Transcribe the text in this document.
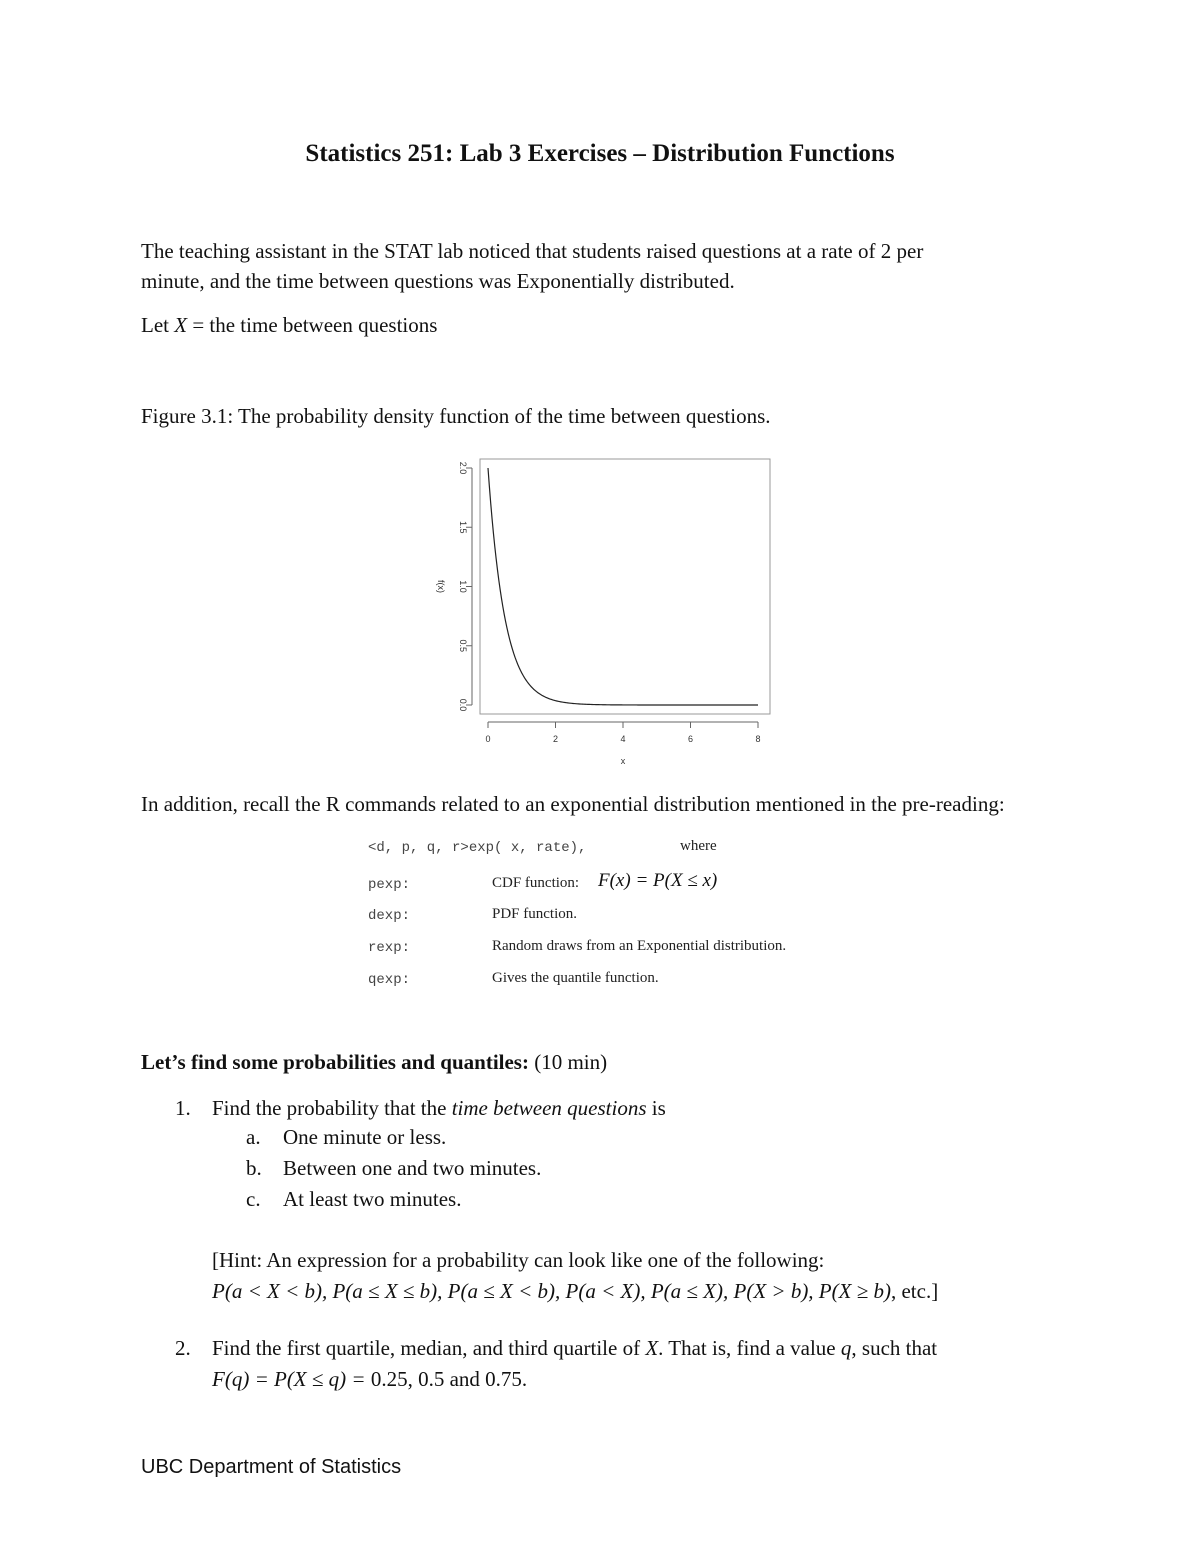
Statistics 251: Lab 3 Exercises – Distribution Functions
The teaching assistant in the STAT lab noticed that students raised questions at a rate of 2 per
minute, and the time between questions was Exponentially distributed.
Let X = the time between questions
Figure 3.1: The probability density function of the time between questions.
0	2	4	6	8
x
0.0
0.5
1.0
1.5
2.0
f(x)
In addition, recall the R commands related to an exponential distribution mentioned in the pre-reading:
<d, p, q, r>exp( x, rate),	where
pexp:	CDF function: F(x) = P(X ≤ x)
dexp:	PDF function.
rexp:	Random draws from an Exponential distribution.
qexp:	Gives the quantile function.
Let’s find some probabilities and quantiles: (10 min)
1. Find the probability that the time between questions is
a. One minute or less.
b. Between one and two minutes.
c. At least two minutes.
[Hint: An expression for a probability can look like one of the following:
P(a < X < b), P(a ≤ X ≤ b), P(a ≤ X < b), P(a < X), P(a ≤ X), P(X > b), P(X ≥ b), etc.]
2. Find the first quartile, median, and third quartile of X. That is, find a value q, such that
F(q) = P(X ≤ q) = 0.25, 0.5 and 0.75.
UBC Department of Statistics
